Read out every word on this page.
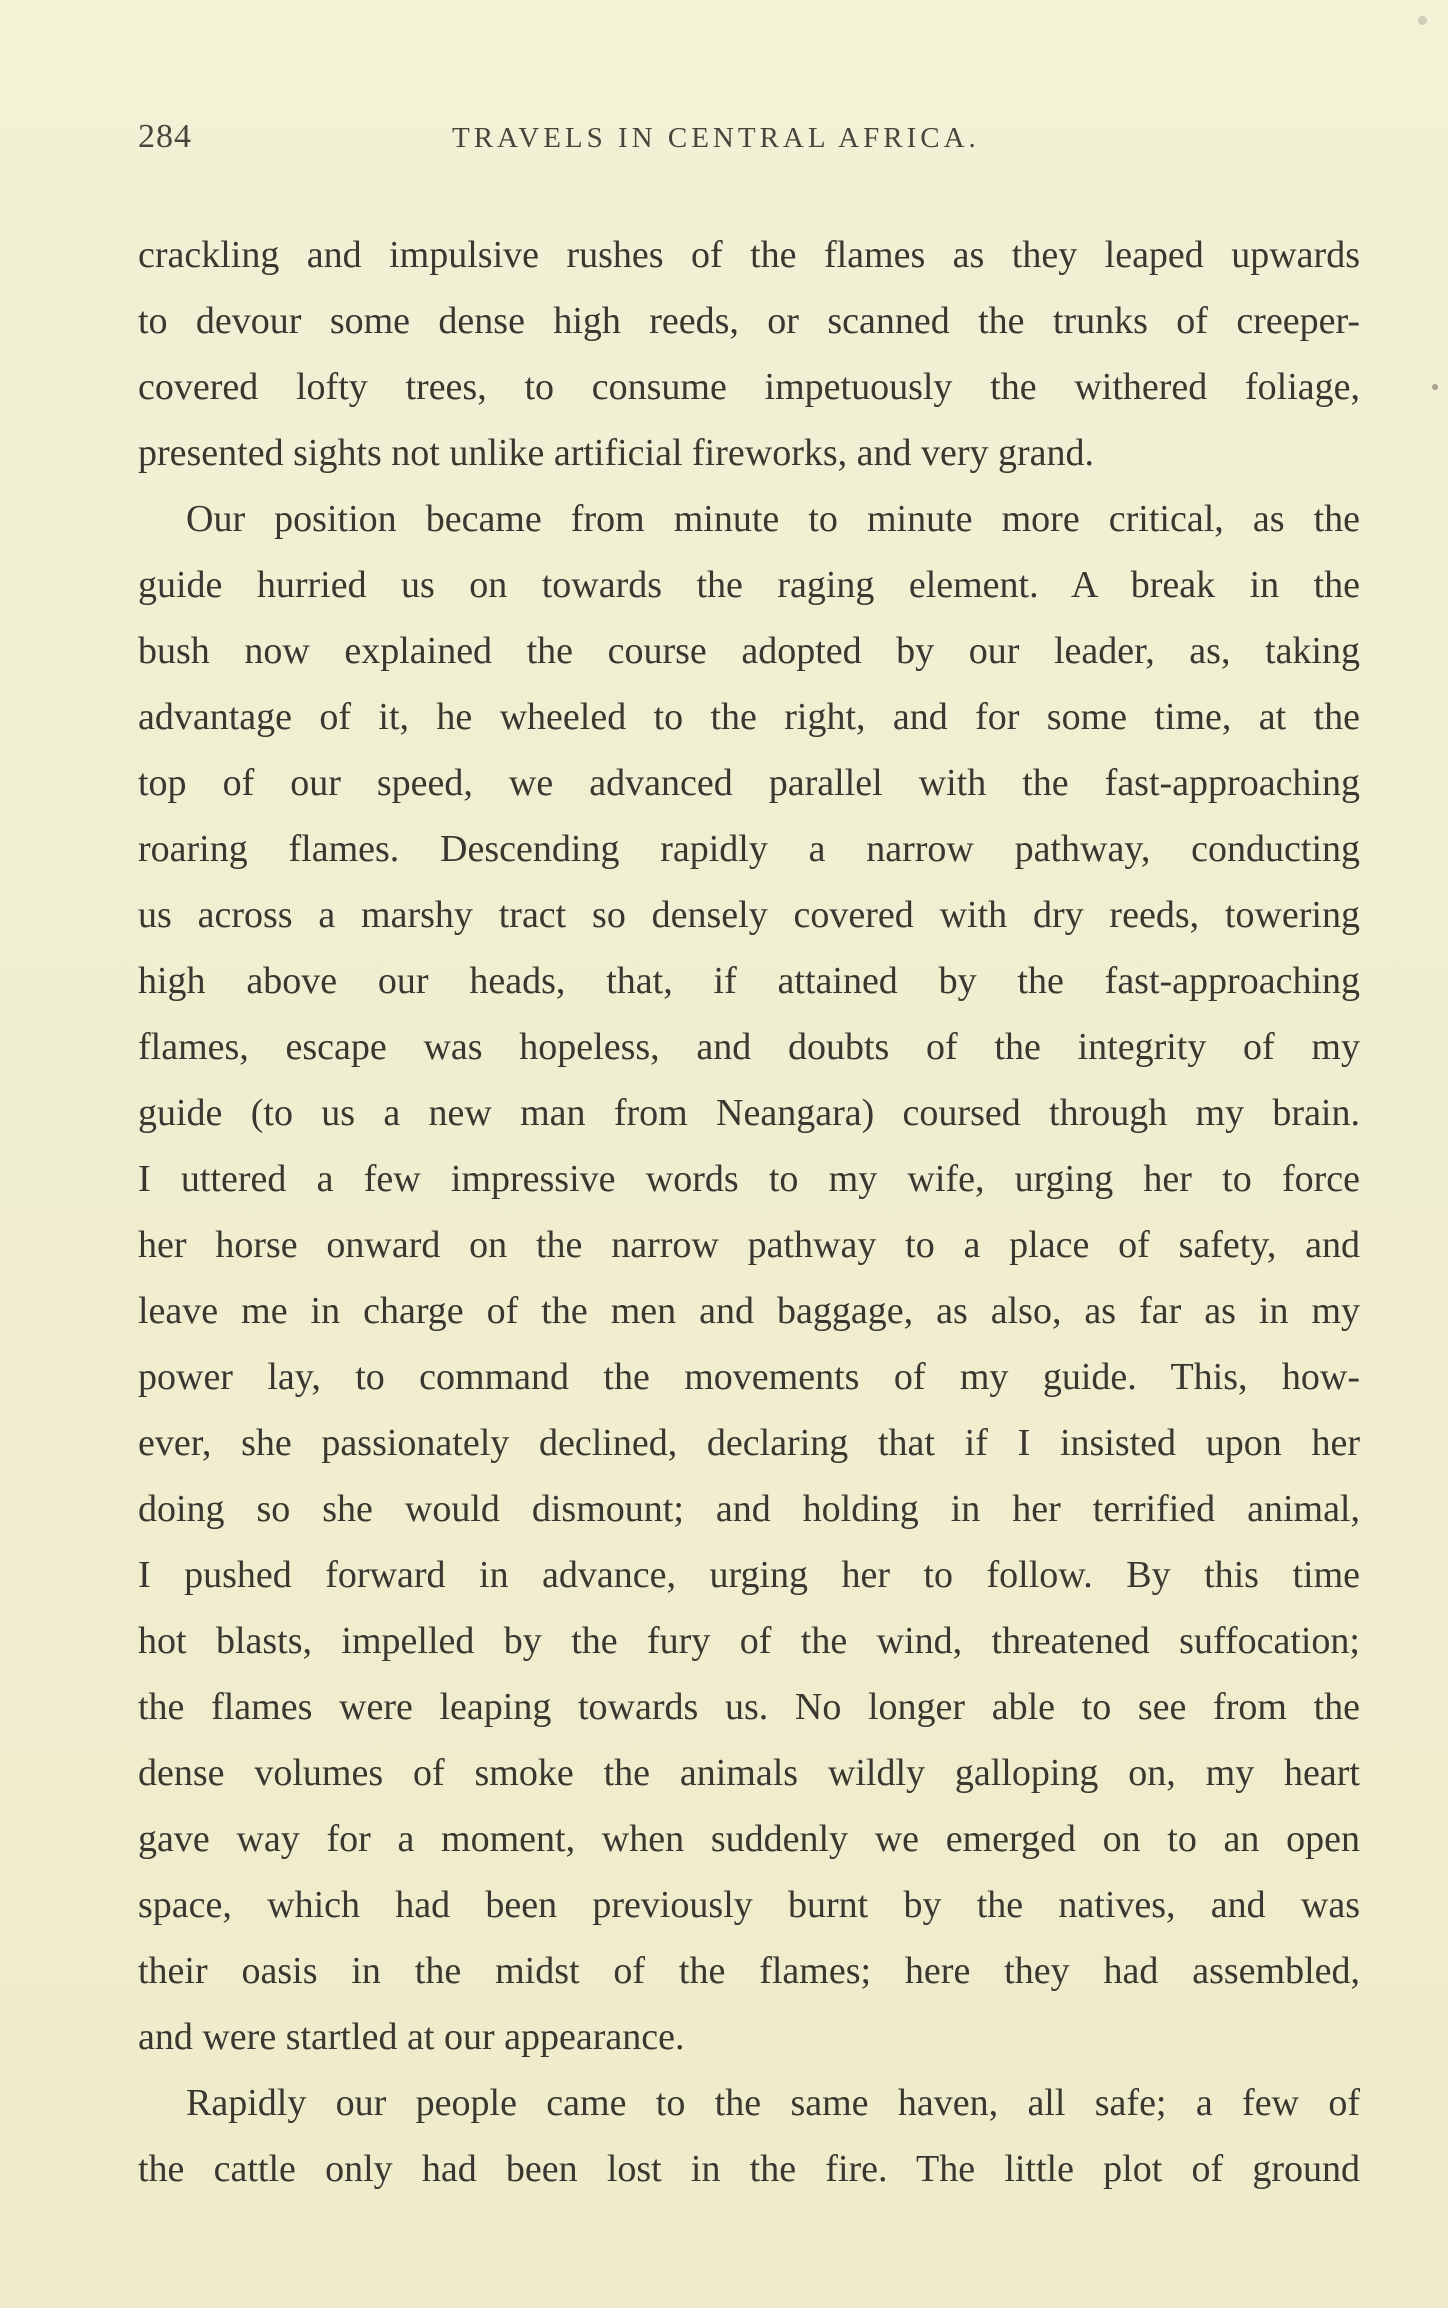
284	TRAVELS IN CENTRAL AFRICA.
crackling and impulsive rushes of the flames as they leaped upwards
to devour some dense high reeds, or scanned the trunks of creeper-
covered lofty trees, to consume impetuously the withered foliage,
presented sights not unlike artificial fireworks, and very grand.
Our position became from minute to minute more critical, as the
guide hurried us on towards the raging element. A break in the
bush now explained the course adopted by our leader, as, taking
advantage of it, he wheeled to the right, and for some time, at the
top of our speed, we advanced parallel with the fast-approaching
roaring flames. Descending rapidly a narrow pathway, conducting
us across a marshy tract so densely covered with dry reeds, towering
high above our heads, that, if attained by the fast-approaching
flames, escape was hopeless, and doubts of the integrity of my
guide (to us a new man from Neangara) coursed through my brain.
I uttered a few impressive words to my wife, urging her to force
her horse onward on the narrow pathway to a place of safety, and
leave me in charge of the men and baggage, as also, as far as in my
power lay, to command the movements of my guide. This, how-
ever, she passionately declined, declaring that if I insisted upon her
doing so she would dismount; and holding in her terrified animal,
I pushed forward in advance, urging her to follow. By this time
hot blasts, impelled by the fury of the wind, threatened suffocation;
the flames were leaping towards us. No longer able to see from the
dense volumes of smoke the animals wildly galloping on, my heart
gave way for a moment, when suddenly we emerged on to an open
space, which had been previously burnt by the natives, and was
their oasis in the midst of the flames; here they had assembled,
and were startled at our appearance.
Rapidly our people came to the same haven, all safe; a few of
the cattle only had been lost in the fire. The little plot of ground
